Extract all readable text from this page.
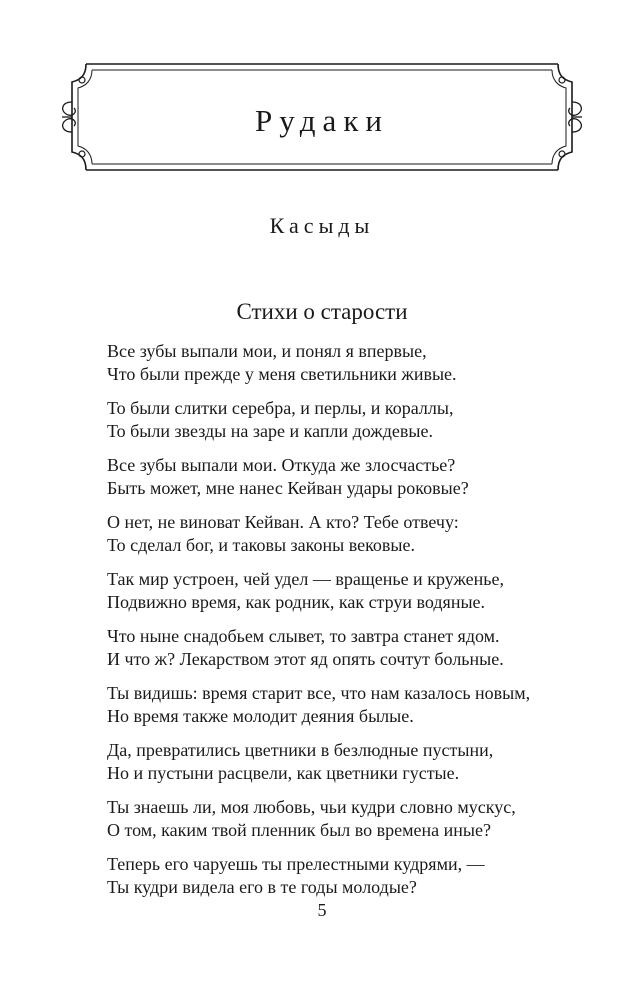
Рудаки
Касыды
Стихи о старости
Все зубы выпали мои, и понял я впервые,
Что были прежде у меня светильники живые.
То были слитки серебра, и перлы, и кораллы,
То были звезды на заре и капли дождевые.
Все зубы выпали мои. Откуда же злосчастье?
Быть может, мне нанес Кейван удары роковые?
О нет, не виноват Кейван. А кто? Тебе отвечу:
То сделал бог, и таковы законы вековые.
Так мир устроен, чей удел — вращенье и круженье,
Подвижно время, как родник, как струи водяные.
Что ныне снадобьем слывет, то завтра станет ядом.
И что ж? Лекарством этот яд опять сочтут больные.
Ты видишь: время старит все, что нам казалось новым,
Но время также молодит деяния былые.
Да, превратились цветники в безлюдные пустыни,
Но и пустыни расцвели, как цветники густые.
Ты знаешь ли, моя любовь, чьи кудри словно мускус,
О том, каким твой пленник был во времена иные?
Теперь его чаруешь ты прелестными кудрями, —
Ты кудри видела его в те годы молодые?
5
